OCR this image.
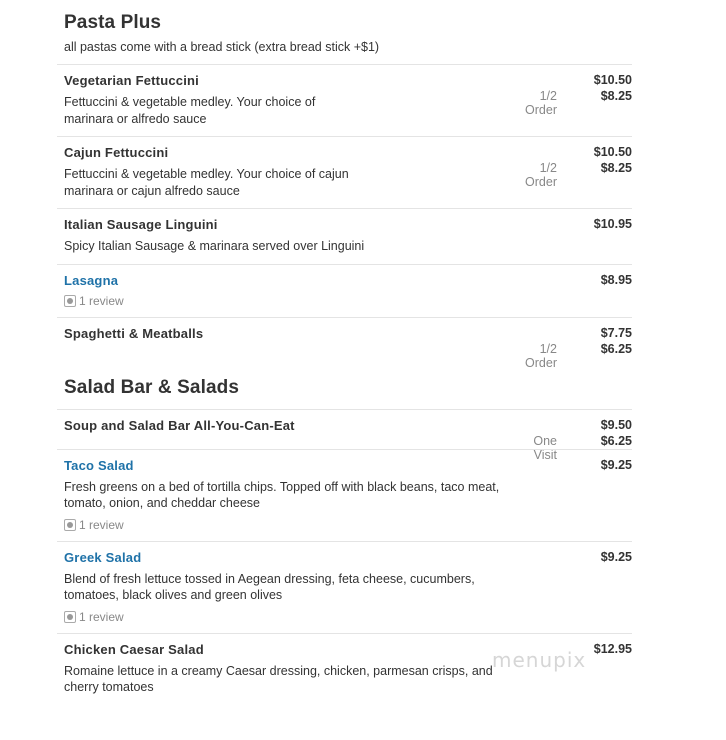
Pasta Plus
all pastas come with a bread stick (extra bread stick +$1)
Vegetarian Fettuccini
Fettuccini & vegetable medley. Your choice of marinara or alfredo sauce
$10.50
1/2 Order
$8.25
Cajun Fettuccini
Fettuccini & vegetable medley. Your choice of cajun marinara or cajun alfredo sauce
$10.50
1/2 Order
$8.25
Italian Sausage Linguini
Spicy Italian Sausage & marinara served over Linguini
$10.95
Lasagna
1 review
$8.95
Spaghetti & Meatballs	$7.75
1/2 Order
$6.25
Salad Bar & Salads
Soup and Salad Bar All-You-Can-Eat	$9.50
One Visit
$6.25
Taco Salad
Fresh greens on a bed of tortilla chips. Topped off with black beans, taco meat, tomato, onion, and cheddar cheese
1 review
$9.25
Greek Salad
Blend of fresh lettuce tossed in Aegean dressing, feta cheese, cucumbers, tomatoes, black olives and green olives
1 review
$9.25
Chicken Caesar Salad
Romaine lettuce in a creamy Caesar dressing, chicken, parmesan crisps, and cherry tomatoes
$12.95
menupix
